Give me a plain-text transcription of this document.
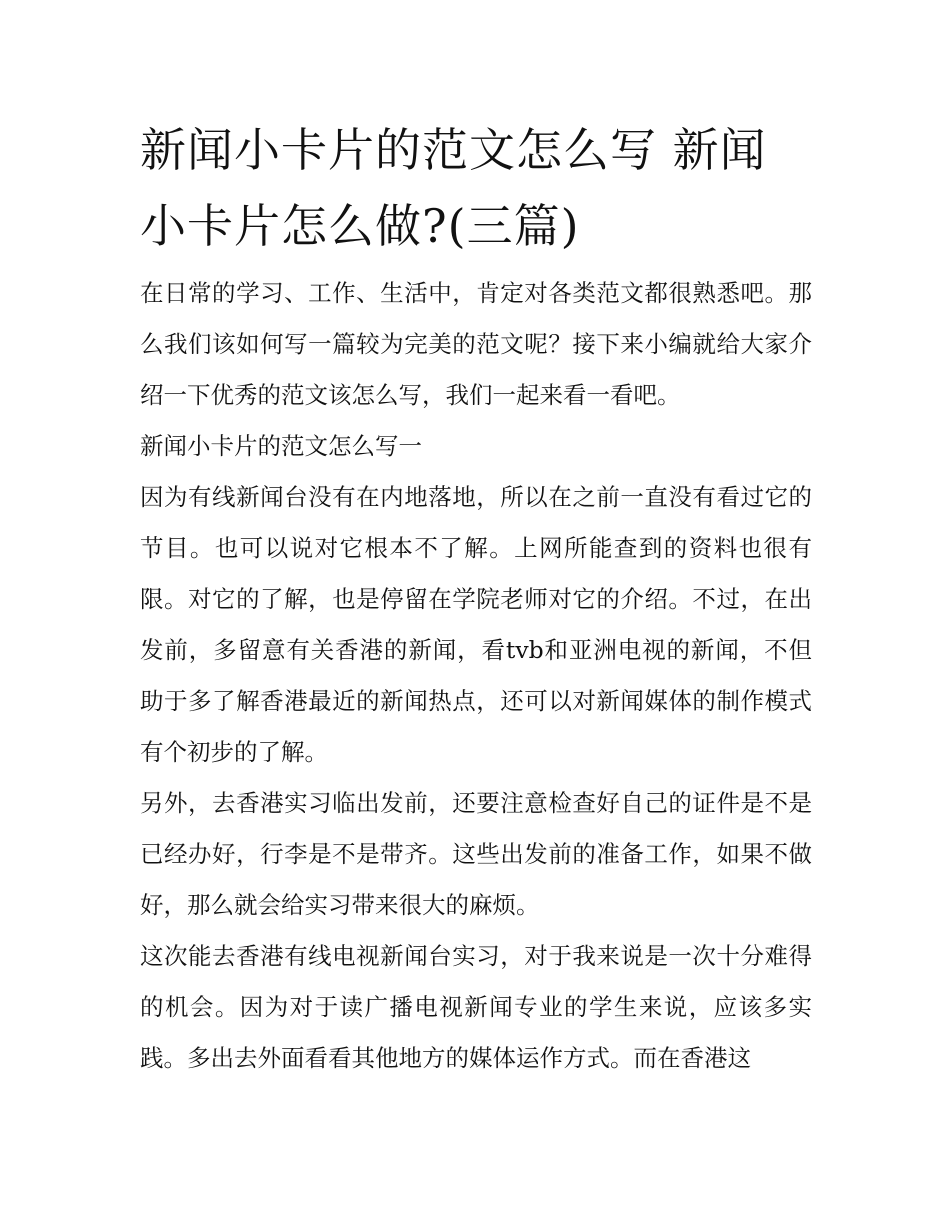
新闻小卡片的范文怎么写 新闻小卡片怎么做?(三篇)

在日常的学习、工作、生活中，肯定对各类范文都很熟悉吧。那么我们该如何写一篇较为完美的范文呢？接下来小编就给大家介绍一下优秀的范文该怎么写，我们一起来看一看吧。

新闻小卡片的范文怎么写一

因为有线新闻台没有在内地落地，所以在之前一直没有看过它的节目。也可以说对它根本不了解。上网所能查到的资料也很有限。对它的了解，也是停留在学院老师对它的介绍。不过，在出发前，多留意有关香港的新闻，看tvb和亚洲电视的新闻，不但助于多了解香港最近的新闻热点，还可以对新闻媒体的制作模式有个初步的了解。

另外，去香港实习临出发前，还要注意检查好自己的证件是不是已经办好，行李是不是带齐。这些出发前的准备工作，如果不做好，那么就会给实习带来很大的麻烦。

这次能去香港有线电视新闻台实习，对于我来说是一次十分难得的机会。因为对于读广播电视新闻专业的学生来说，应该多实践。多出去外面看看其他地方的媒体运作方式。而在香港这
